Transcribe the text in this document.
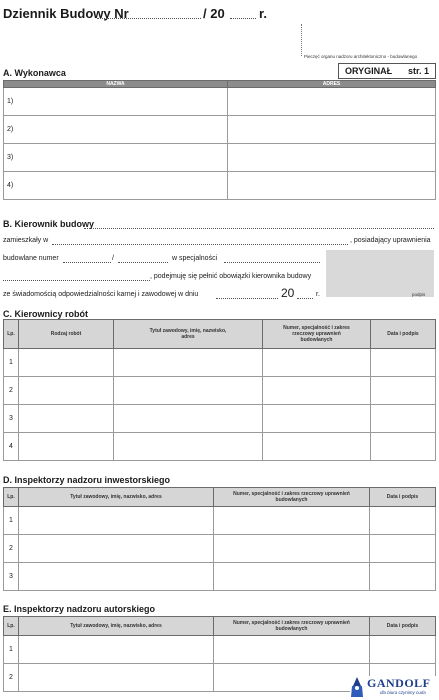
Dziennik Budowy Nr	/ 20	r.
Pieczęć organu nadzoru architektoniczno - budowlanego
ORYGINAŁ str. 1
A. Wykonawca
NAZWA	ADRES
1)	
2)	
3)	
4)	
B. Kierownik budowy
zamieszkały w	, posiadający uprawnienia
budowlane numer	/	w specjalności
, podejmuję się pełnić obowiązki kierownika budowy
ze świadomością odpowiedzialności karnej i zawodowej w dniu	20	r.	podpis
C. Kierownicy robót
Lp.	Rodzaj robót	Tytuł zawodowy, imię, nazwisko, adres	Numer, specjalność i zakres rzeczowy uprawnień budowlanych	Data i podpis
1				
2				
3				
4				
D. Inspektorzy nadzoru inwestorskiego
Lp.	Tytuł zawodowy, imię, nazwisko, adres	Numer, specjalność i zakres rzeczowy uprawnień budowlanych	Data i podpis
1			
2			
3			
E. Inspektorzy nadzoru autorskiego
Lp.	Tytuł zawodowy, imię, nazwisko, adres	Numer, specjalność i zakres rzeczowy uprawnień budowlanych	Data i podpis
1			
2				GANDOLF
dla biura czynimy cuda
